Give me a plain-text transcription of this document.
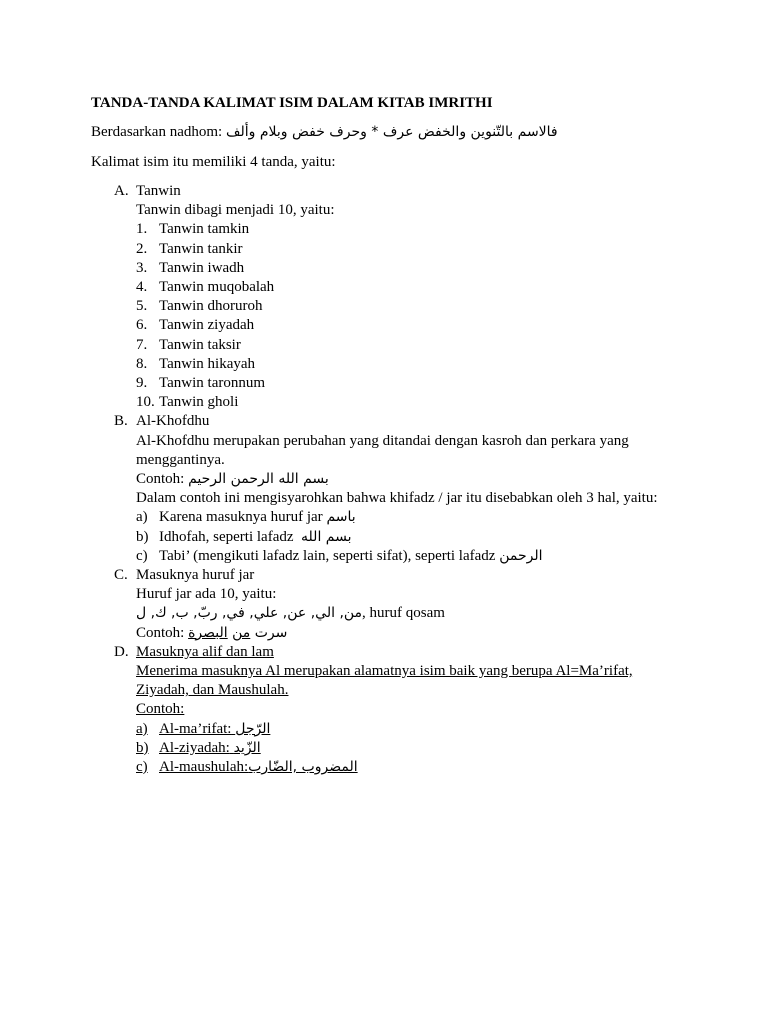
TANDA-TANDA KALIMAT ISIM DALAM KITAB IMRITHI
Berdasarkan nadhom: فالاسم بالتّنوين والخفض عرف * وحرف خفض وبلام وألف
Kalimat isim itu memiliki 4 tanda, yaitu:
A. Tanwin

Tanwin dibagi menjadi 10, yaitu:

1. Tanwin tamkin
2. Tanwin tankir
3. Tanwin iwadh
4. Tanwin muqobalah
5. Tanwin dhoruroh
6. Tanwin ziyadah
7. Tanwin taksir
8. Tanwin hikayah
9. Tanwin taronnum
10. Tanwin gholi
B. Al-Khofdhu

Al-Khofdhu merupakan perubahan yang ditandai dengan kasroh dan perkara yang menggantinya.

Contoh: بسم الله الرحمن الرحيم

Dalam contoh ini mengisyarohkan bahwa khifadz / jar itu disebabkan oleh 3 hal, yaitu:

a) Karena masuknya huruf jar باسم
b) Idhofah, seperti lafadz بسم الله
c) Tabi’ (mengikuti lafadz lain, seperti sifat), seperti lafadz الرحمن
C. Masuknya huruf jar

Huruf jar ada 10, yaitu:

من, الي, عن, علي, في, ربّ, ب, ك, ل, huruf qosam

Contoh:	سرت من البصرة

D. Masuknya alif dan lam

Menerima masuknya Al merupakan alamatnya isim baik yang berupa Al=Ma’rifat, Ziyadah, dan Maushulah.

Contoh:

a) Al-ma’rifat: الرّجل
b) Al-ziyadah: الزّيد
c) Al-maushulah:المضروب ,الضّارب
